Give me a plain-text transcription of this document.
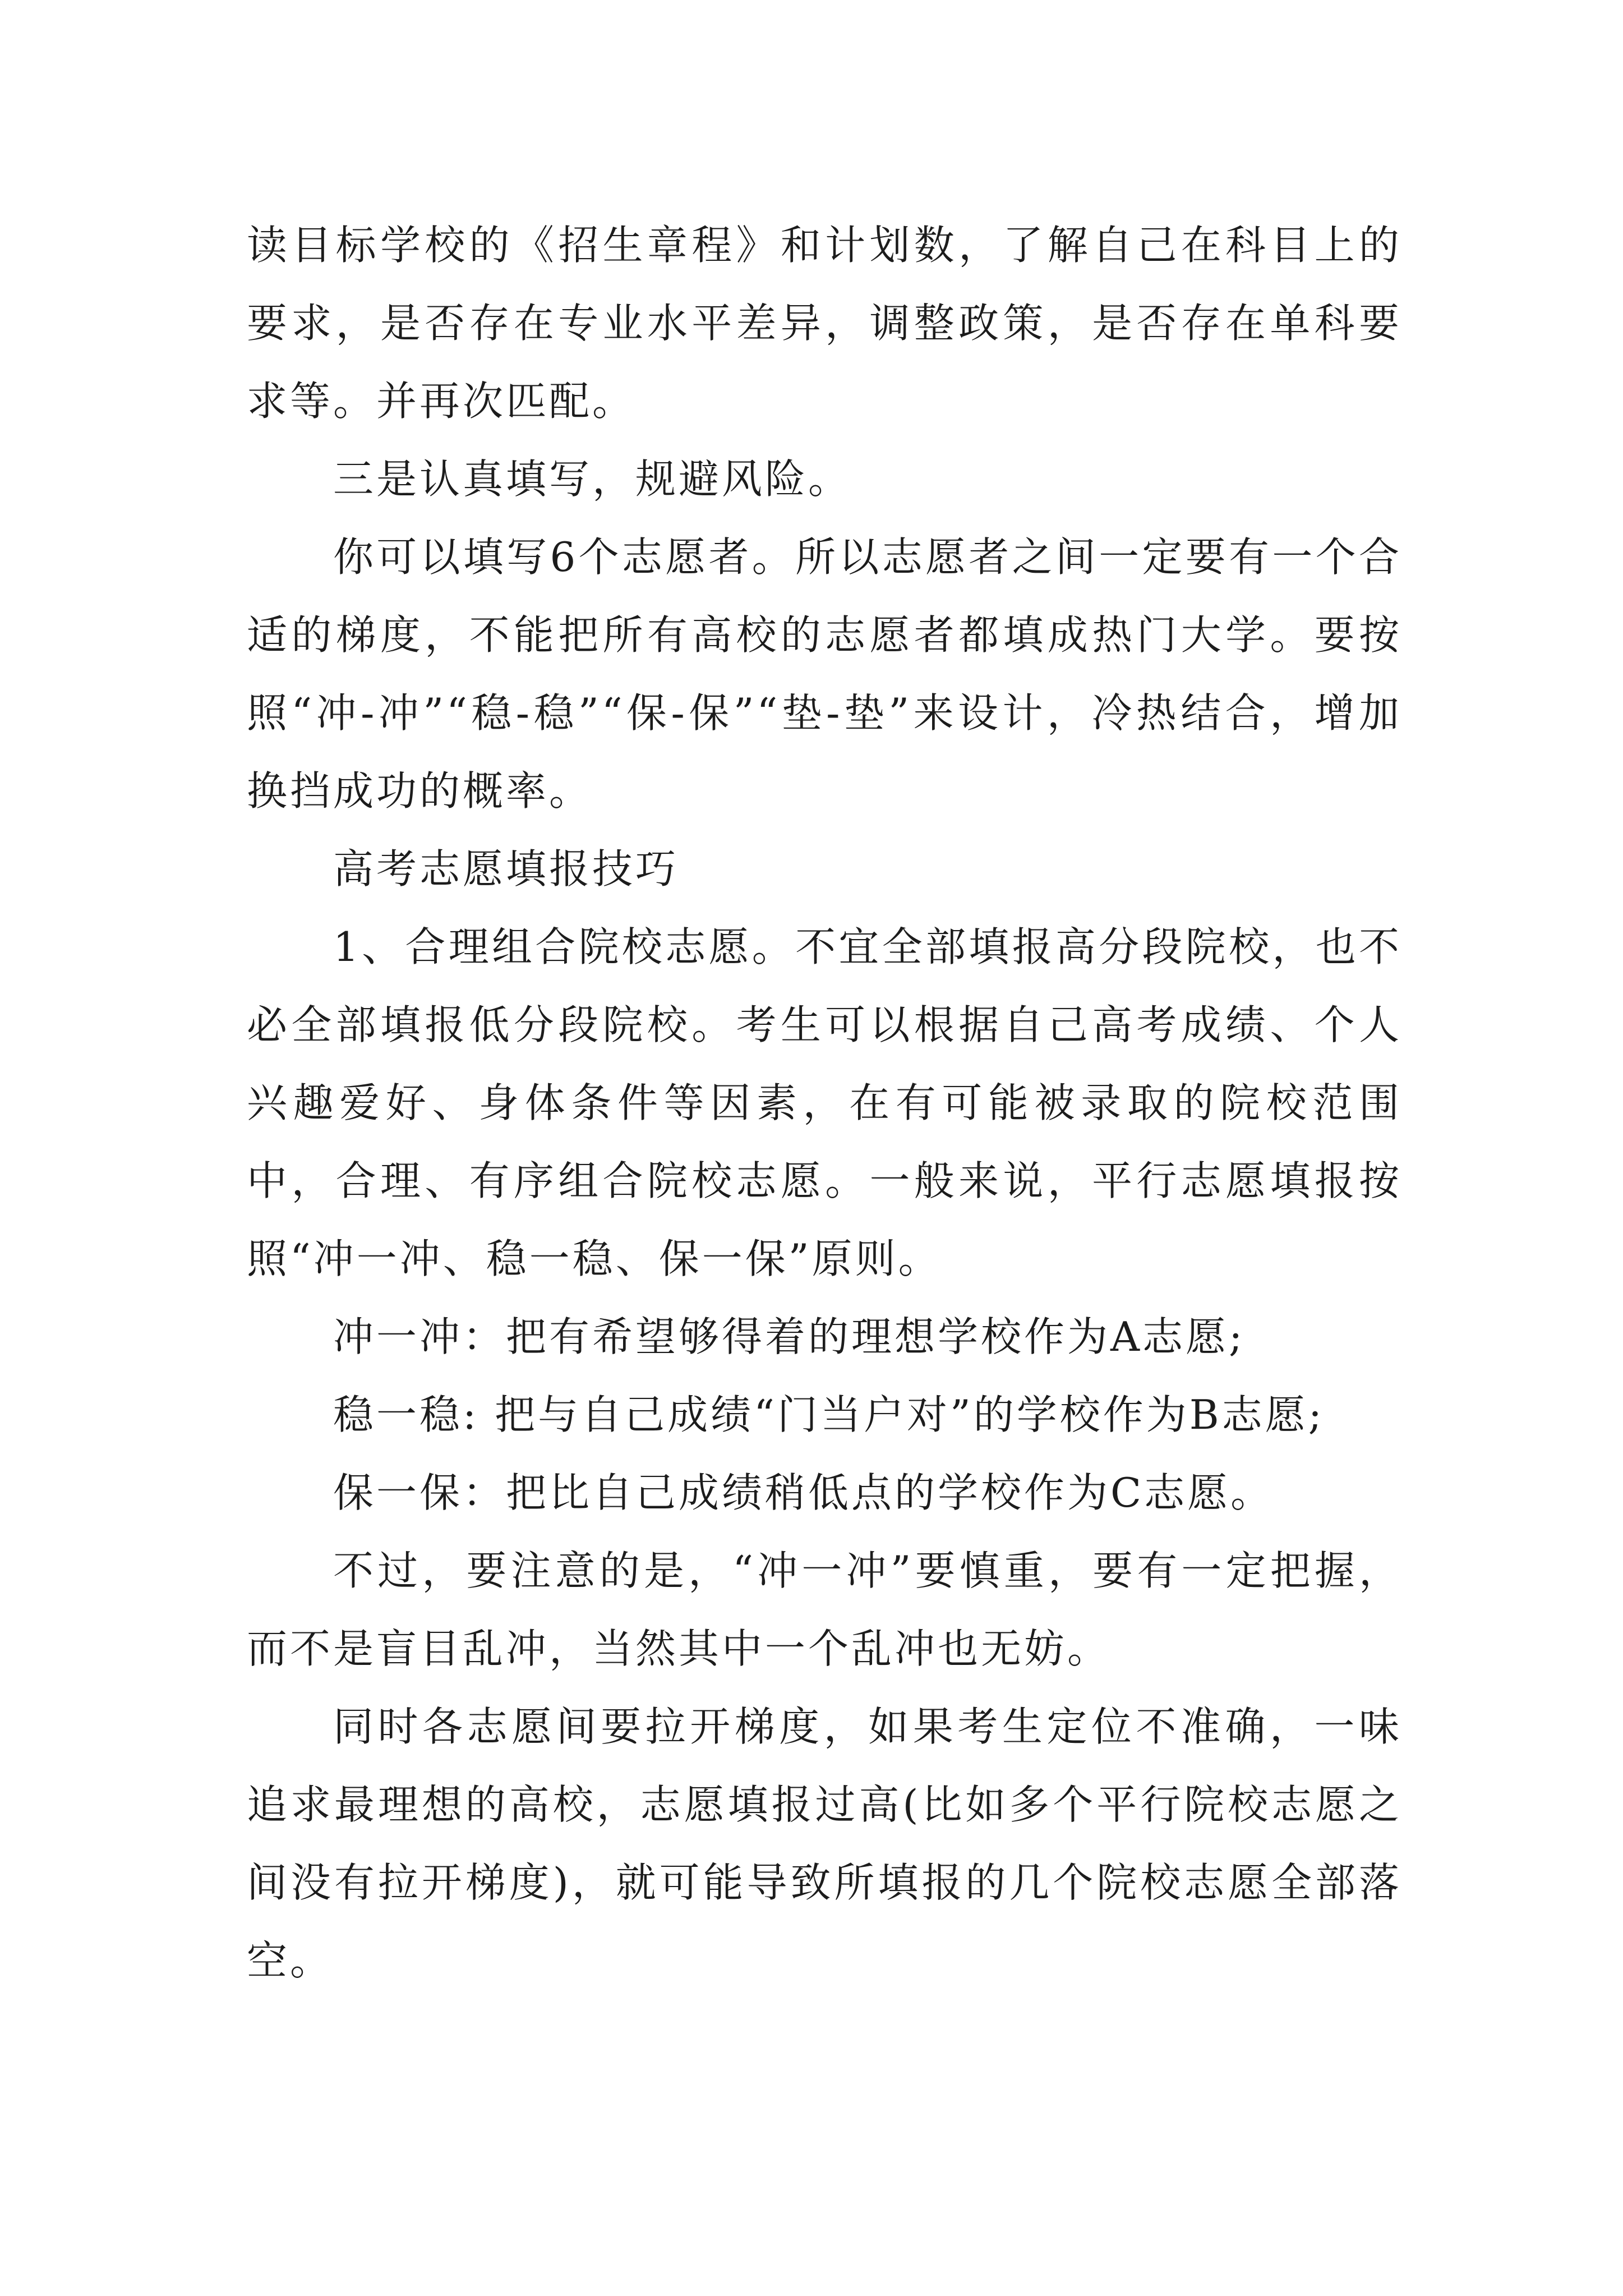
读目标学校的《招生章程》和计划数，了解自己在科目上的要求，是否存在专业水平差异，调整政策，是否存在单科要求等。并再次匹配。

三是认真填写，规避风险。

你可以填写6个志愿者。所以志愿者之间一定要有一个合适的梯度，不能把所有高校的志愿者都填成热门大学。要按照“冲-冲”“稳-稳”“保-保”“垫-垫”来设计，冷热结合，增加换挡成功的概率。

高考志愿填报技巧

1、合理组合院校志愿。不宜全部填报高分段院校，也不必全部填报低分段院校。考生可以根据自己高考成绩、个人兴趣爱好、身体条件等因素，在有可能被录取的院校范围中，合理、有序组合院校志愿。一般来说，平行志愿填报按照“冲一冲、稳一稳、保一保”原则。

冲一冲：把有希望够得着的理想学校作为A志愿;

稳一稳: 把与自己成绩“门当户对”的学校作为B志愿;

保一保：把比自己成绩稍低点的学校作为C志愿。

不过，要注意的是，“冲一冲”要慎重，要有一定把握，而不是盲目乱冲，当然其中一个乱冲也无妨。

同时各志愿间要拉开梯度，如果考生定位不准确，一味追求最理想的高校，志愿填报过高(比如多个平行院校志愿之间没有拉开梯度)，就可能导致所填报的几个院校志愿全部落空。
